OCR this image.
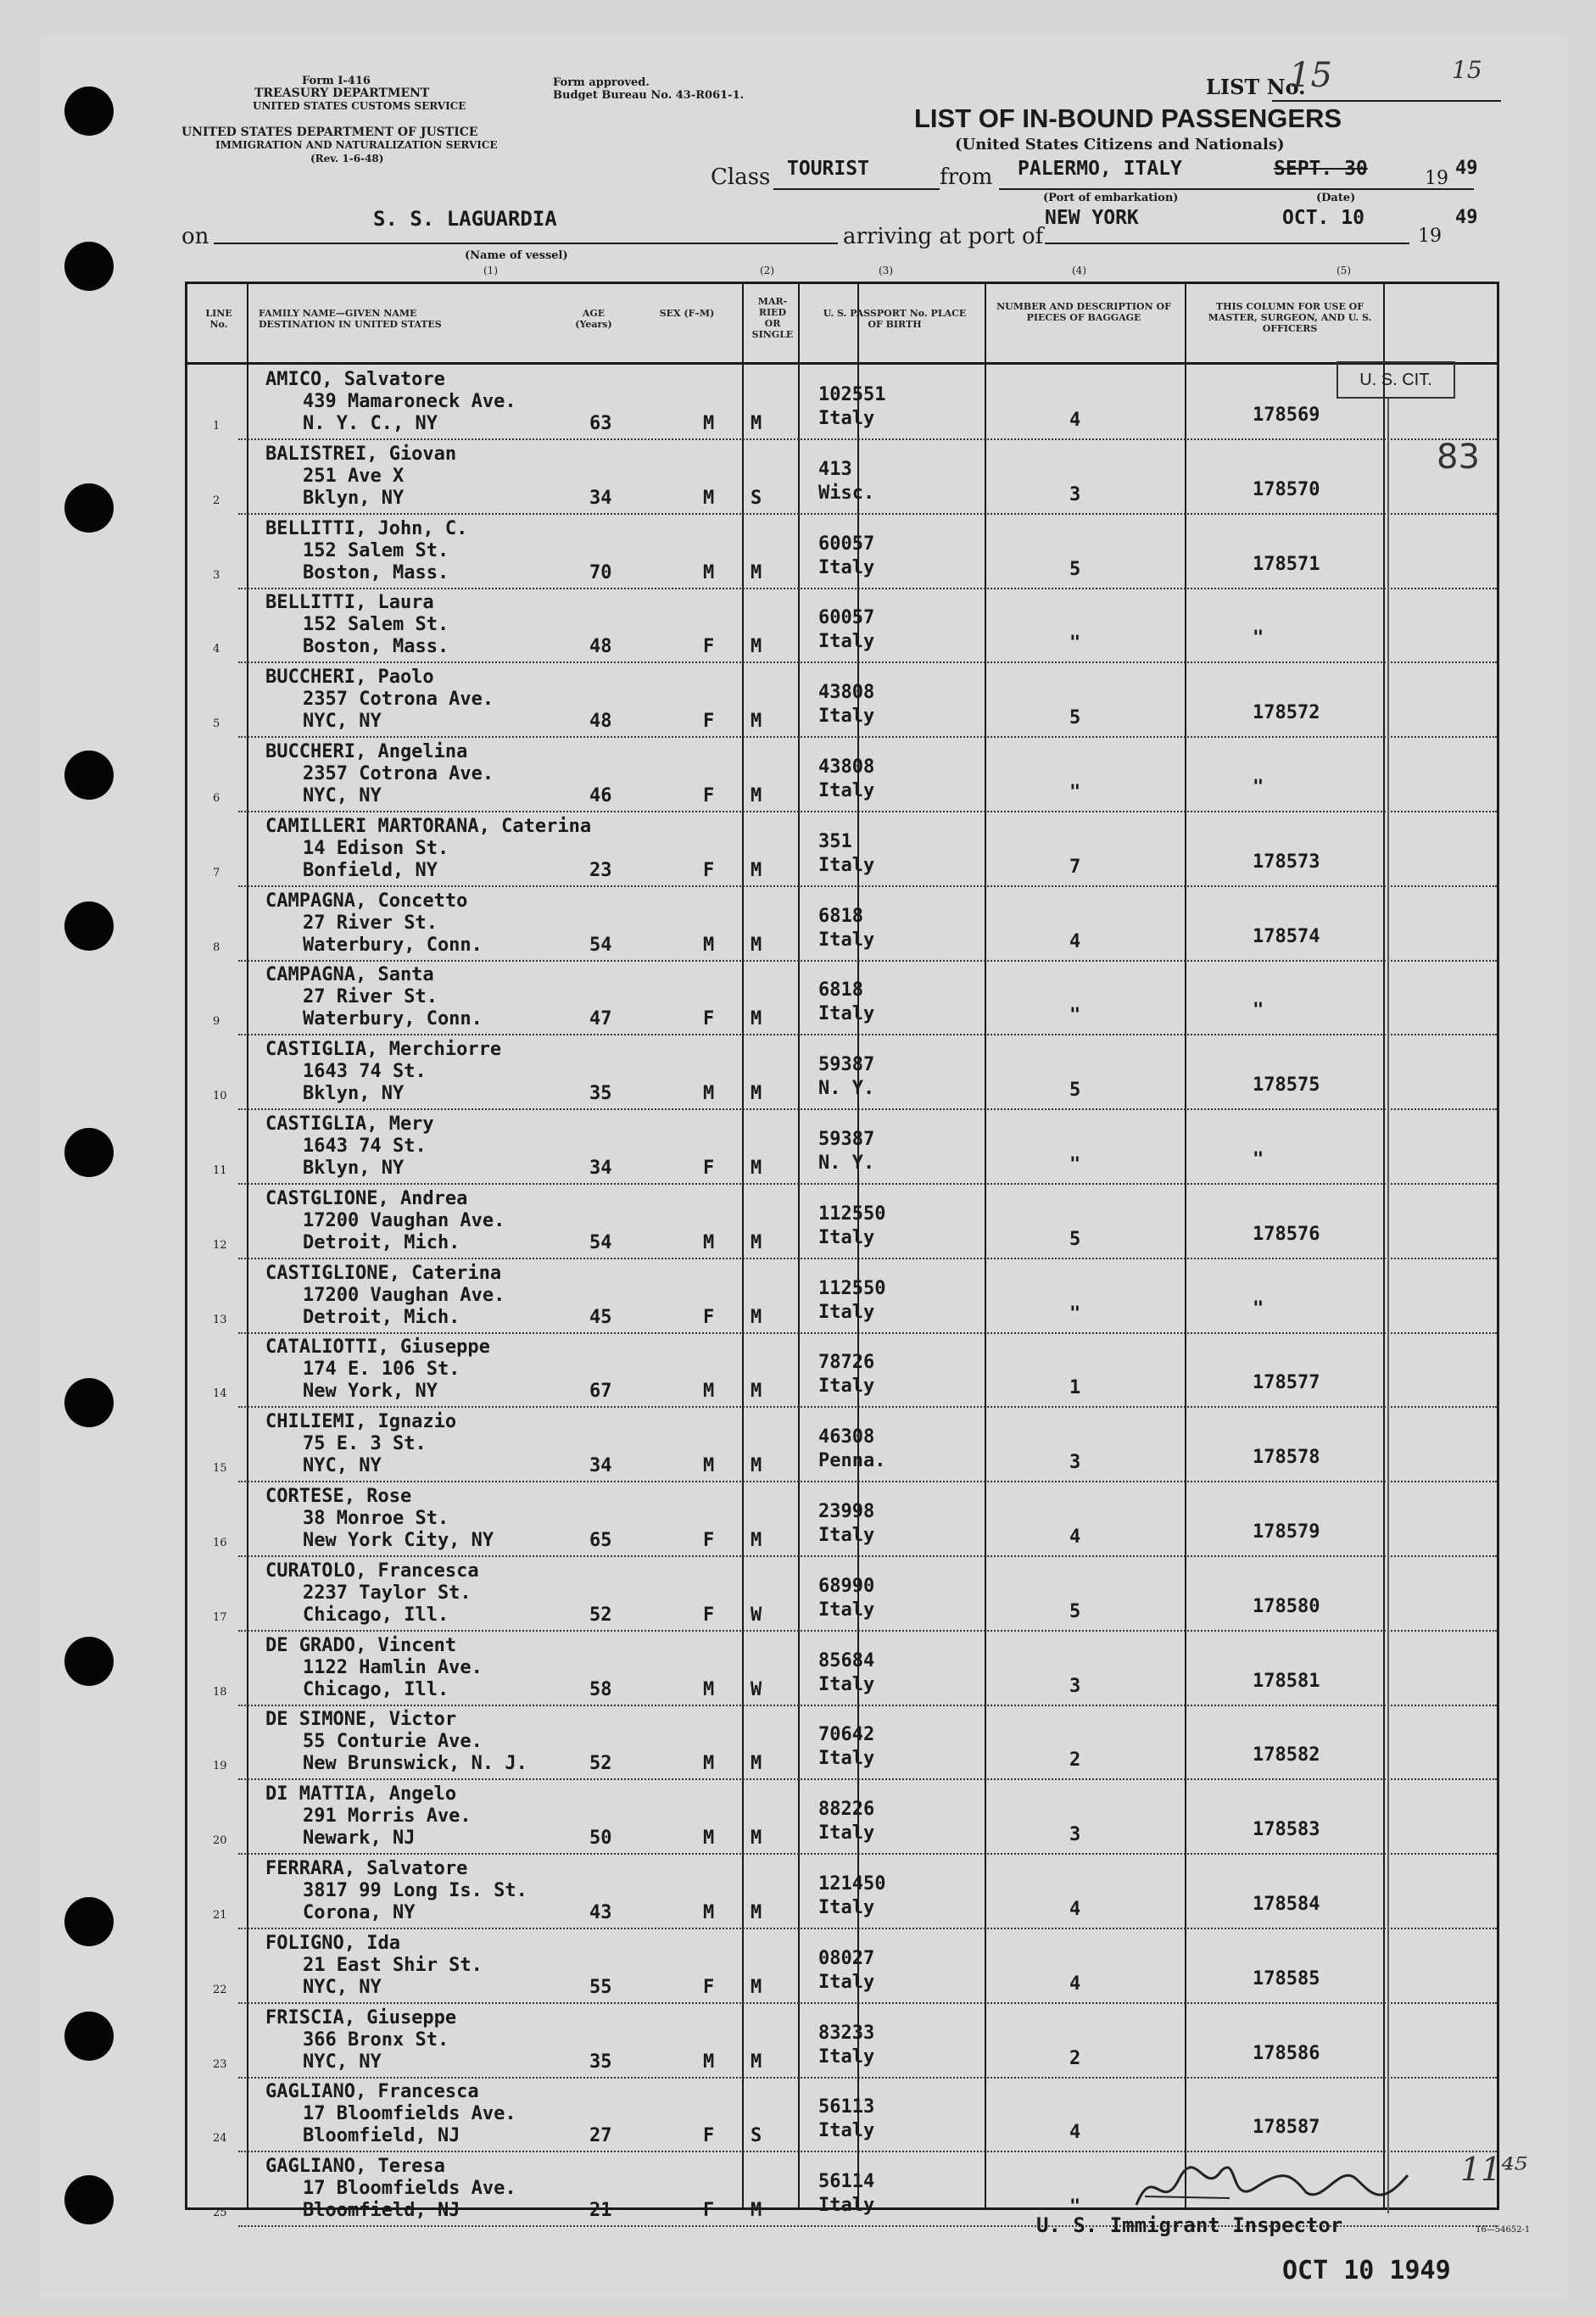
Form I-416
TREASURY DEPARTMENT
UNITED STATES CUSTOMS SERVICE
UNITED STATES DEPARTMENT OF JUSTICE
IMMIGRATION AND NATURALIZATION SERVICE
(Rev. 1-6-48)
Form approved.
Budget Bureau No. 43-R061-1.	LIST No.
15	15
LIST OF IN-BOUND PASSENGERS
(United States Citizens and Nationals)
Class TOURIST	from PALERMO, ITALY	SEPT. 30	19 49
(Port of embarkation)	(Date)
on
S. S. LAGUARDIA
arriving at port of
NEW YORK	OCT. 10
19
49
(Name of vessel)
(1)	(2)	(3)	(4)	(5)
LINE No.
FAMILY NAME—GIVEN NAME DESTINATION IN UNITED STATES
AGE (Years)
SEX (F–M)
MAR-RIED OR SINGLE
U. S. PASSPORT No. PLACE OF BIRTH
NUMBER AND DESCRIPTION OF PIECES OF BAGGAGE
THIS COLUMN FOR USE OF MASTER, SURGEON, AND U. S. OFFICERS
1
AMICO, Salvatore
439 Mamaroneck Ave.
N. Y. C., NY	63	M M
102551
Italy	4	178569
2
BALISTREI, Giovan
251 Ave X
Bklyn, NY	34	M S
413
Wisc.	3	178570
3
BELLITTI, John, C.
152 Salem St.
Boston, Mass.	70	M M
60057
Italy	5	178571
4
BELLITTI, Laura
152 Salem St.
Boston, Mass.	48	F M
60057
Italy	"	"
5
BUCCHERI, Paolo
2357 Cotrona Ave.
NYC, NY	48	F M
43808
Italy	5	178572
6
BUCCHERI, Angelina
2357 Cotrona Ave.
NYC, NY	46	F M
43808
Italy	"	"
7
CAMILLERI MARTORANA, Caterina
14 Edison St.
Bonfield, NY	23	F M
351
Italy	7	178573
8
CAMPAGNA, Concetto
27 River St.
Waterbury, Conn.	54	M M
6818
Italy	4	178574
9
CAMPAGNA, Santa
27 River St.
Waterbury, Conn.	47	F M
6818
Italy	"	"
10
CASTIGLIA, Merchiorre
1643 74 St.
Bklyn, NY	35	M M
59387
N. Y.	5	178575
11
CASTIGLIA, Mery
1643 74 St.
Bklyn, NY	34	F M
59387
N. Y.	"	"
12
CASTGLIONE, Andrea
17200 Vaughan Ave.
Detroit, Mich.	54	M M
112550
Italy	5	178576
13
CASTIGLIONE, Caterina
17200 Vaughan Ave.
Detroit, Mich.	45	F M
112550
Italy	"	"
14
CATALIOTTI, Giuseppe
174 E. 106 St.
New York, NY	67	M M
78726
Italy	1	178577
15
CHILIEMI, Ignazio
75 E. 3 St.
NYC, NY	34	M M
46308
Penna.	3	178578
16
CORTESE, Rose
38 Monroe St.
New York City, NY	65	F M
23998
Italy	4	178579
17
CURATOLO, Francesca
2237 Taylor St.
Chicago, Ill.	52	F W
68990
Italy	5	178580
18
DE GRADO, Vincent
1122 Hamlin Ave.
Chicago, Ill.	58	M W
85684
Italy	3	178581
19
DE SIMONE, Victor
55 Conturie Ave.
New Brunswick, N. J.	52	M M
70642
Italy	2	178582
20
DI MATTIA, Angelo
291 Morris Ave.
Newark, NJ	50	M M
88226
Italy	3	178583
21
FERRARA, Salvatore
3817 99 Long Is. St.
Corona, NY	43	M M
121450
Italy	4	178584
22
FOLIGNO, Ida
21 East Shir St.
NYC, NY	55	F M
08027
Italy	4	178585
23
FRISCIA, Giuseppe
366 Bronx St.
NYC, NY	35	M M
83233
Italy	2	178586
24
GAGLIANO, Francesca
17 Bloomfields Ave.
Bloomfield, NJ	27	F S
56113
Italy	4	178587
25
GAGLIANO, Teresa
17 Bloomfields Ave.
Bloomfield, NJ	21	F M
56114
Italy	"
U. S. CIT.
83
U. S. Immigrant Inspector
OCT 10 1949
16—54652-1
11⁴⁵
